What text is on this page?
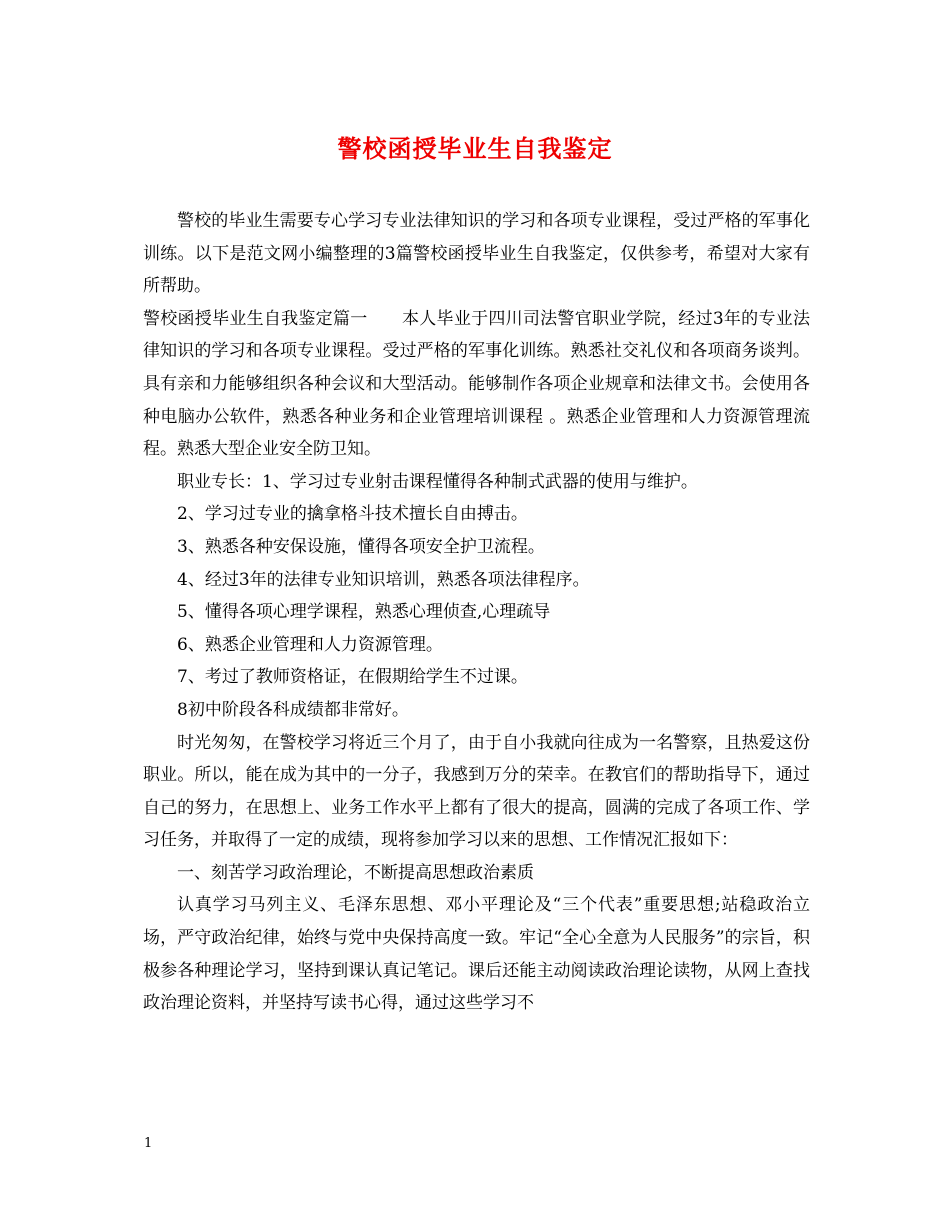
警校函授毕业生自我鉴定

警校的毕业生需要专心学习专业法律知识的学习和各项专业课程，受过严格的军事化训练。以下是范文网小编整理的3篇警校函授毕业生自我鉴定，仅供参考，希望对大家有所帮助。

警校函授毕业生自我鉴定篇一　　本人毕业于四川司法警官职业学院，经过3年的专业法律知识的学习和各项专业课程。受过严格的军事化训练。熟悉社交礼仪和各项商务谈判。具有亲和力能够组织各种会议和大型活动。能够制作各项企业规章和法律文书。会使用各种电脑办公软件，熟悉各种业务和企业管理培训课程 。熟悉企业管理和人力资源管理流程。熟悉大型企业安全防卫知。

职业专长：1、学习过专业射击课程懂得各种制式武器的使用与维护。

2、学习过专业的擒拿格斗技术擅长自由搏击。

3、熟悉各种安保设施，懂得各项安全护卫流程。

4、经过3年的法律专业知识培训，熟悉各项法律程序。

5、懂得各项心理学课程，熟悉心理侦查,心理疏导

6、熟悉企业管理和人力资源管理。

7、考过了教师资格证，在假期给学生不过课。

8初中阶段各科成绩都非常好。

时光匆匆，在警校学习将近三个月了，由于自小我就向往成为一名警察，且热爱这份职业。所以，能在成为其中的一分子，我感到万分的荣幸。在教官们的帮助指导下，通过自己的努力，在思想上、业务工作水平上都有了很大的提高，圆满的完成了各项工作、学习任务，并取得了一定的成绩，现将参加学习以来的思想、工作情况汇报如下：

一、刻苦学习政治理论，不断提高思想政治素质

认真学习马列主义、毛泽东思想、邓小平理论及“三个代表”重要思想;站稳政治立场，严守政治纪律，始终与党中央保持高度一致。牢记“全心全意为人民服务”的宗旨，积极参各种理论学习，坚持到课认真记笔记。课后还能主动阅读政治理论读物，从网上查找政治理论资料，并坚持写读书心得，通过这些学习不

1
